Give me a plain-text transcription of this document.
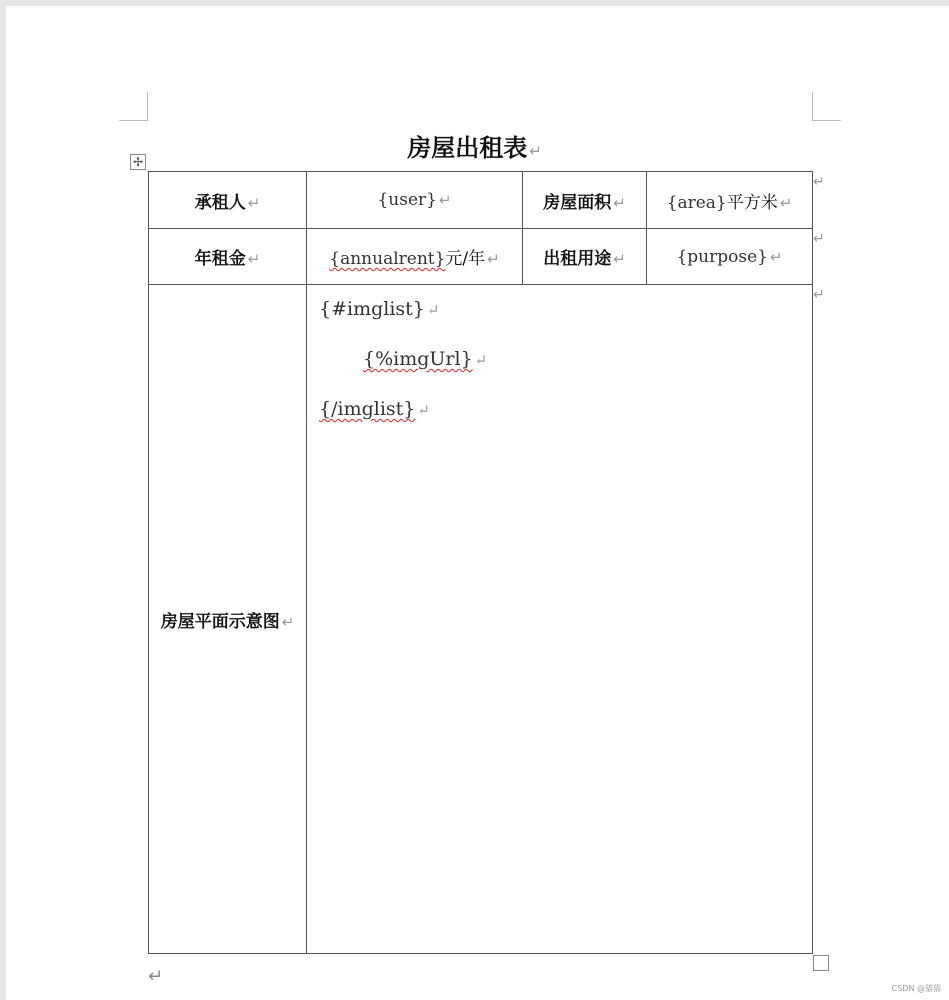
房屋出租表 ↵
✢
承租人 ↵	{user} ↵	房屋面积 ↵	{area}平方米 ↵
年租金 ↵	{annualrent}元/年 ↵	出租用途 ↵	{purpose} ↵
房屋平面示意图 ↵	{#imglist} ↵
{%imgUrl} ↵
{/imglist} ↵		
↵
↵
↵
↵
CSDN @猫猫
